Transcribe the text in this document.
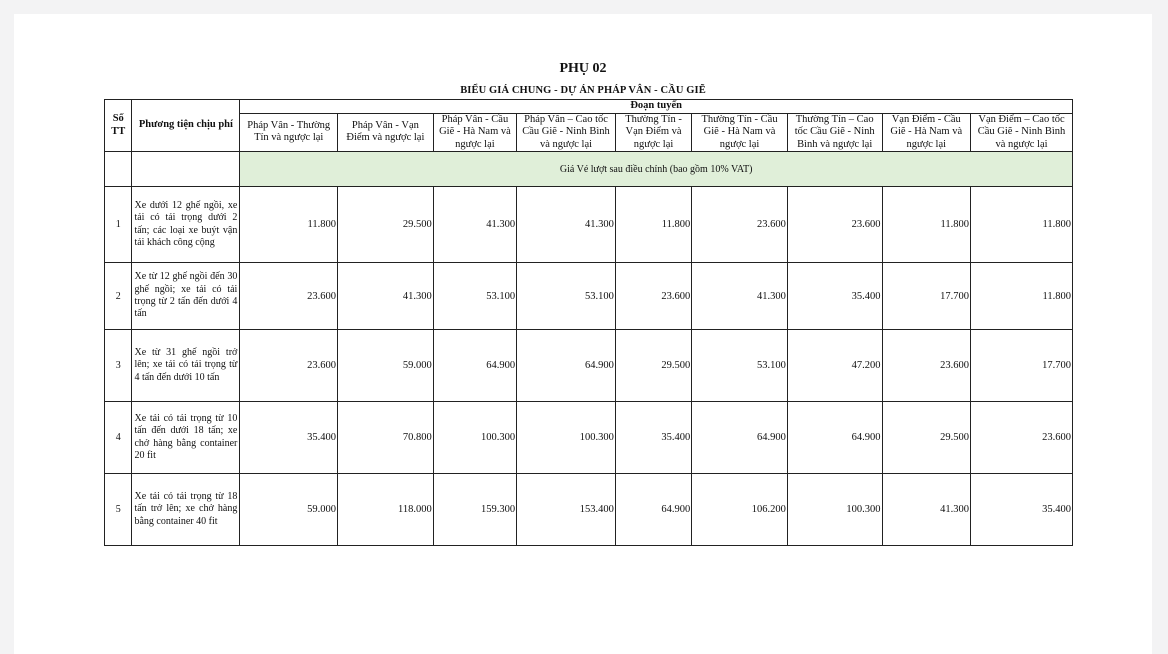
PHỤ 02
BIỂU GIÁ CHUNG - DỰ ÁN PHÁP VÂN - CẦU GIẼ
Số TT	Phương tiện chịu phí	Đoạn tuyến								
		Pháp Vân - Thường Tín và ngược lại	Pháp Vân - Vạn Điểm và ngược lại	Pháp Vân - Cầu Giẽ - Hà Nam và ngược lại	Pháp Vân – Cao tốc Cầu Giẽ - Ninh Bình và ngược lại	Thường Tín - Vạn Điểm và ngược lại	Thường Tín - Cầu Giẽ - Hà Nam và ngược lại	Thường Tín – Cao tốc Cầu Giẽ - Ninh Bình và ngược lại	Vạn Điểm - Cầu Giẽ - Hà Nam và ngược lại	Vạn Điểm – Cao tốc Cầu Giẽ - Ninh Bình và ngược lại
		Giá Vé lượt sau điều chỉnh (bao gồm 10% VAT)								
1	Xe dưới 12 ghế ngồi, xe tải có tải trọng dưới 2 tấn; các loại xe buýt vận tải khách công cộng	11.800	29.500	41.300	41.300	11.800	23.600	23.600	11.800	11.800
2	Xe từ 12 ghế ngồi đến 30 ghế ngồi; xe tải có tải trọng từ 2 tấn đến dưới 4 tấn	23.600	41.300	53.100	53.100	23.600	41.300	35.400	17.700	11.800
3	Xe từ 31 ghế ngồi trở lên; xe tải có tải trọng từ 4 tấn đến dưới 10 tấn	23.600	59.000	64.900	64.900	29.500	53.100	47.200	23.600	17.700
4	Xe tải có tải trọng từ 10 tấn đến dưới 18 tấn; xe chở hàng bằng container 20 fit	35.400	70.800	100.300	100.300	35.400	64.900	64.900	29.500	23.600
5	Xe tải có tải trọng từ 18 tấn trở lên; xe chở hàng bằng container 40 fit	59.000	118.000	159.300	153.400	64.900	106.200	100.300	41.300	35.400
